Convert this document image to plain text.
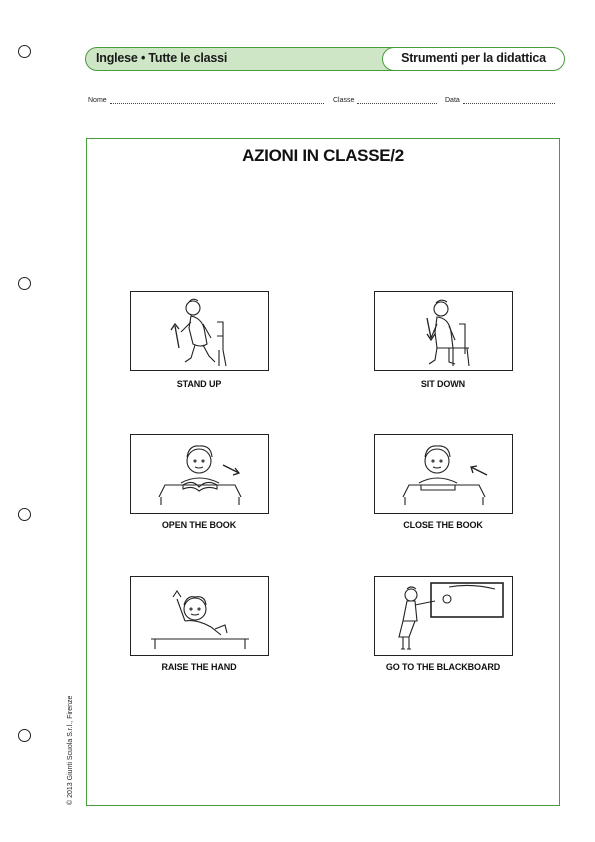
Inglese • Tutte le classi	Strumenti per la didattica
Nome	Classe	Data
AZIONI IN CLASSE/2
STAND UP	SIT DOWN
OPEN THE BOOK	CLOSE THE BOOK
RAISE THE HAND	GO TO THE BLACKBOARD
© 2013 Giunti Scuola S.r.l., Firenze
